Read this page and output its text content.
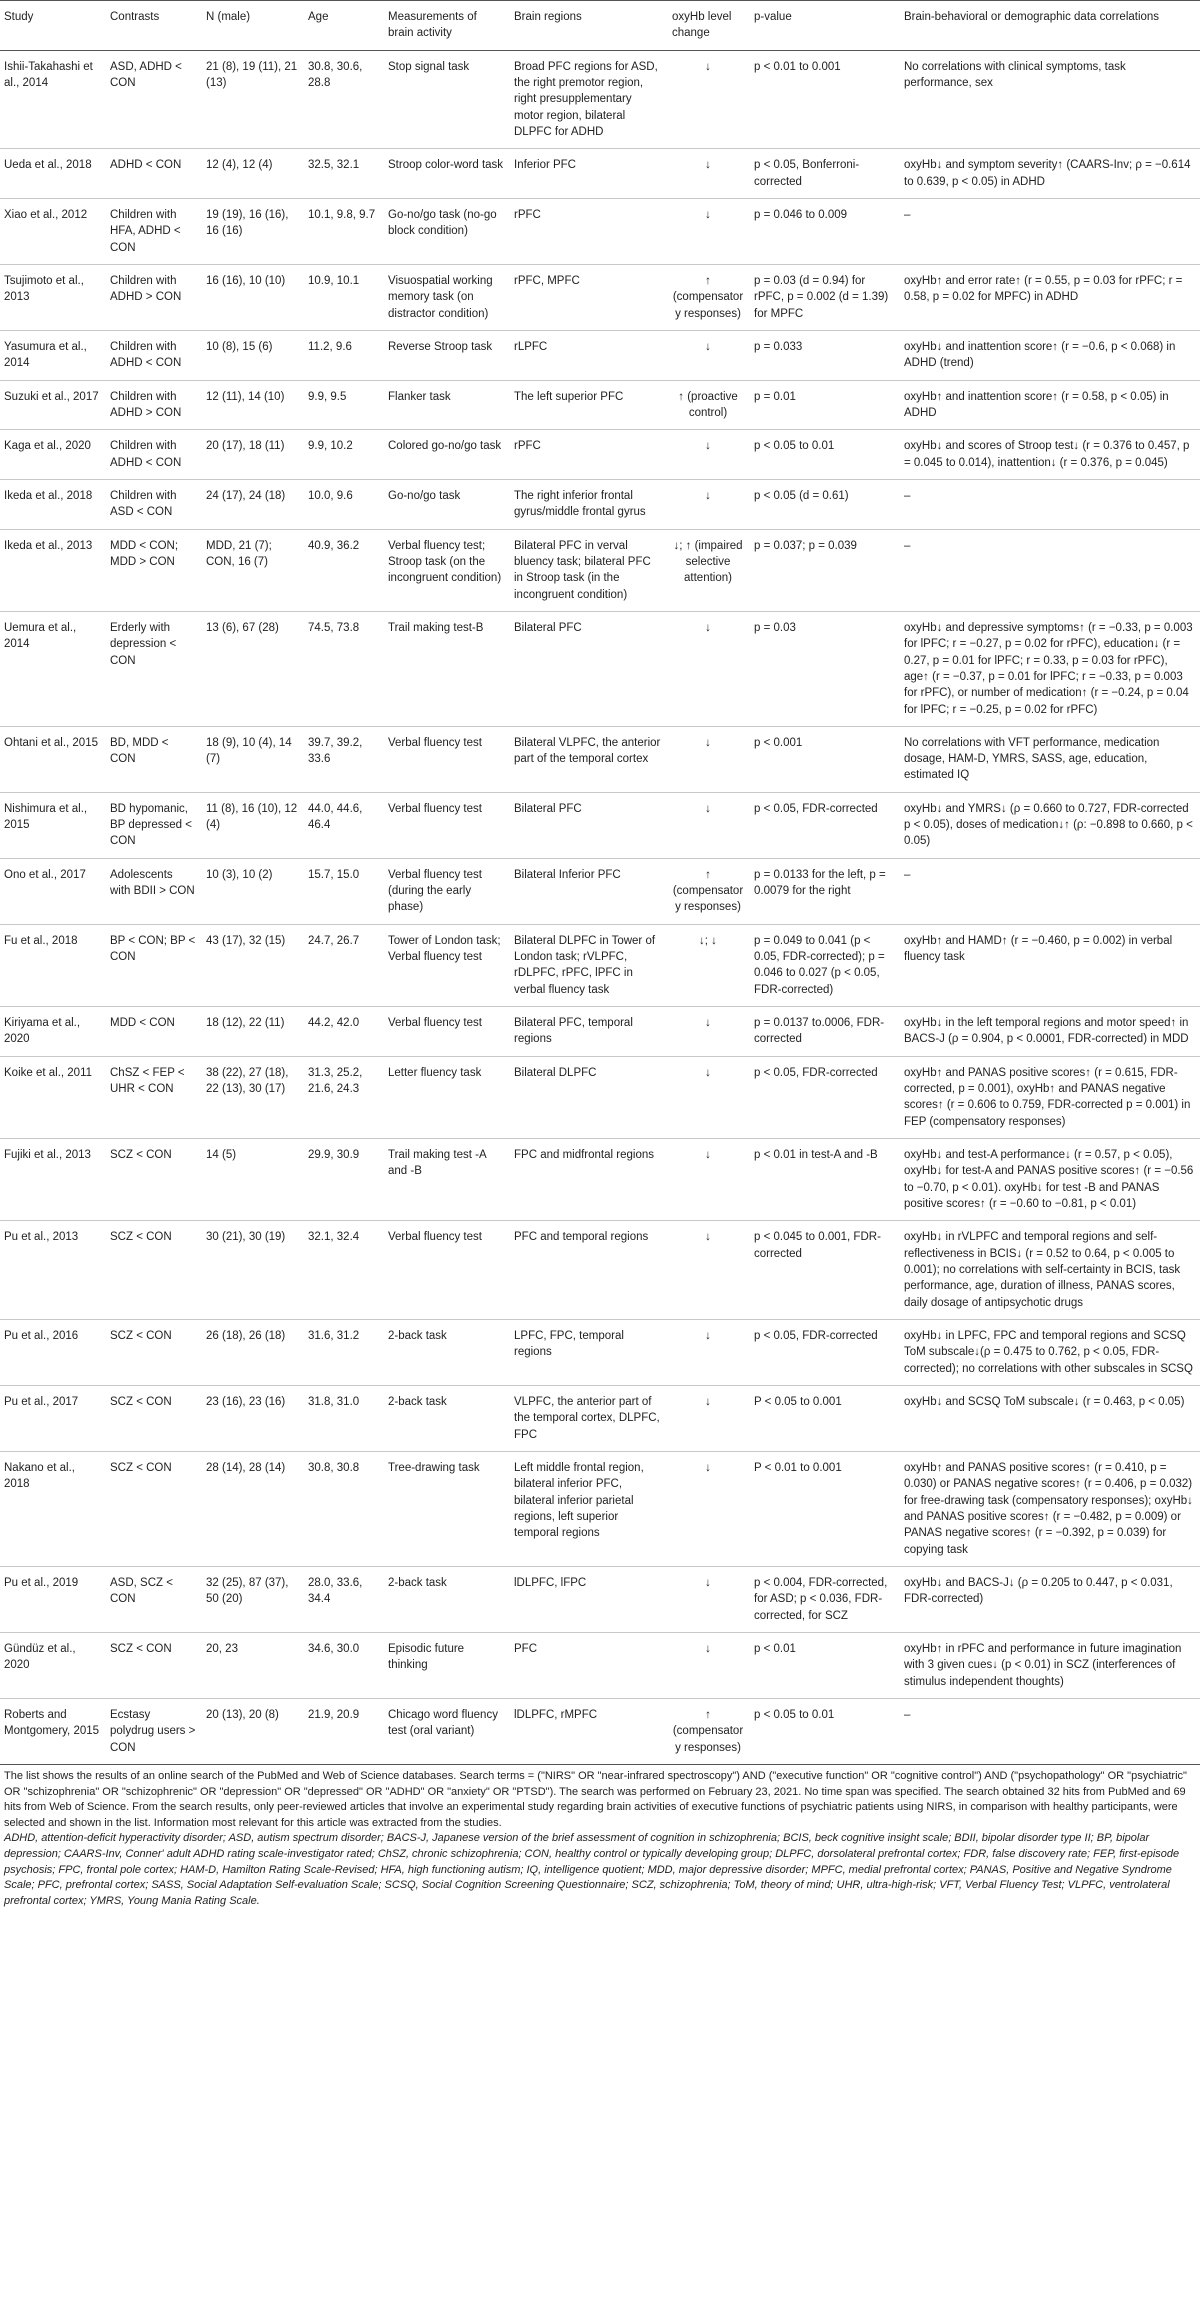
Study	Contrasts	N (male)	Age	Measurements of brain activity	Brain regions	oxyHb level change	p-value	Brain-behavioral or demographic data correlations
Ishii-Takahashi et al., 2014	ASD, ADHD < CON	21 (8), 19 (11), 21 (13)	30.8, 30.6, 28.8	Stop signal task	Broad PFC regions for ASD, the right premotor region, right presupplementary motor region, bilateral DLPFC for ADHD	↓	p < 0.01 to 0.001	No correlations with clinical symptoms, task performance, sex
Ueda et al., 2018	ADHD < CON	12 (4), 12 (4)	32.5, 32.1	Stroop color-word task	Inferior PFC	↓	p < 0.05, Bonferroni-corrected	oxyHb↓ and symptom severity↑ (CAARS-Inv; ρ = −0.614 to 0.639, p < 0.05) in ADHD
Xiao et al., 2012	Children with HFA, ADHD < CON	19 (19), 16 (16), 16 (16)	10.1, 9.8, 9.7	Go-no/go task (no-go block condition)	rPFC	↓	p = 0.046 to 0.009	–
Tsujimoto et al., 2013	Children with ADHD > CON	16 (16), 10 (10)	10.9, 10.1	Visuospatial working memory task (on distractor condition)	rPFC, MPFC	↑ (compensatory responses)	p = 0.03 (d = 0.94) for rPFC, p = 0.002 (d = 1.39) for MPFC	oxyHb↑ and error rate↑ (r = 0.55, p = 0.03 for rPFC; r = 0.58, p = 0.02 for MPFC) in ADHD
Yasumura et al., 2014	Children with ADHD < CON	10 (8), 15 (6)	11.2, 9.6	Reverse Stroop task	rLPFC	↓	p = 0.033	oxyHb↓ and inattention score↑ (r = −0.6, p < 0.068) in ADHD (trend)
Suzuki et al., 2017	Children with ADHD > CON	12 (11), 14 (10)	9.9, 9.5	Flanker task	The left superior PFC	↑ (proactive control)	p = 0.01	oxyHb↑ and inattention score↑ (r = 0.58, p < 0.05) in ADHD
Kaga et al., 2020	Children with ADHD < CON	20 (17), 18 (11)	9.9, 10.2	Colored go-no/go task	rPFC	↓	p < 0.05 to 0.01	oxyHb↓ and scores of Stroop test↓ (r = 0.376 to 0.457, p = 0.045 to 0.014), inattention↓ (r = 0.376, p = 0.045)
Ikeda et al., 2018	Children with ASD < CON	24 (17), 24 (18)	10.0, 9.6	Go-no/go task	The right inferior frontal gyrus/middle frontal gyrus	↓	p < 0.05 (d = 0.61)	–
Ikeda et al., 2013	MDD < CON; MDD > CON	MDD, 21 (7); CON, 16 (7)	40.9, 36.2	Verbal fluency test; Stroop task (on the incongruent condition)	Bilateral PFC in verval bluency task; bilateral PFC in Stroop task (in the incongruent condition)	↓; ↑ (impaired selective attention)	p = 0.037; p = 0.039	–
Uemura et al., 2014	Erderly with depression < CON	13 (6), 67 (28)	74.5, 73.8	Trail making test-B	Bilateral PFC	↓	p = 0.03	oxyHb↓ and depressive symptoms↑ (r = −0.33, p = 0.003 for lPFC; r = −0.27, p = 0.02 for rPFC), education↓ (r = 0.27, p = 0.01 for lPFC; r = 0.33, p = 0.03 for rPFC), age↑ (r = −0.37, p = 0.01 for lPFC; r = −0.33, p = 0.003 for rPFC), or number of medication↑ (r = −0.24, p = 0.04 for lPFC; r = −0.25, p = 0.02 for rPFC)
Ohtani et al., 2015	BD, MDD < CON	18 (9), 10 (4), 14 (7)	39.7, 39.2, 33.6	Verbal fluency test	Bilateral VLPFC, the anterior part of the temporal cortex	↓	p < 0.001	No correlations with VFT performance, medication dosage, HAM-D, YMRS, SASS, age, education, estimated IQ
Nishimura et al., 2015	BD hypomanic, BP depressed < CON	11 (8), 16 (10), 12 (4)	44.0, 44.6, 46.4	Verbal fluency test	Bilateral PFC	↓	p < 0.05, FDR-corrected	oxyHb↓ and YMRS↓ (ρ = 0.660 to 0.727, FDR-corrected p < 0.05), doses of medication↓↑ (ρ: −0.898 to 0.660, p < 0.05)
Ono et al., 2017	Adolescents with BDII > CON	10 (3), 10 (2)	15.7, 15.0	Verbal fluency test (during the early phase)	Bilateral Inferior PFC	↑ (compensatory responses)	p = 0.0133 for the left, p = 0.0079 for the right	–
Fu et al., 2018	BP < CON; BP < CON	43 (17), 32 (15)	24.7, 26.7	Tower of London task; Verbal fluency test	Bilateral DLPFC in Tower of London task; rVLPFC, rDLPFC, rPFC, lPFC in verbal fluency task	↓; ↓	p = 0.049 to 0.041 (p < 0.05, FDR-corrected); p = 0.046 to 0.027 (p < 0.05, FDR-corrected)	oxyHb↑ and HAMD↑ (r = −0.460, p = 0.002) in verbal fluency task
Kiriyama et al., 2020	MDD < CON	18 (12), 22 (11)	44.2, 42.0	Verbal fluency test	Bilateral PFC, temporal regions	↓	p = 0.0137 to.0006, FDR-corrected	oxyHb↓ in the left temporal regions and motor speed↑ in BACS-J (ρ = 0.904, p < 0.0001, FDR-corrected) in MDD
Koike et al., 2011	ChSZ < FEP < UHR < CON	38 (22), 27 (18), 22 (13), 30 (17)	31.3, 25.2, 21.6, 24.3	Letter fluency task	Bilateral DLPFC	↓	p < 0.05, FDR-corrected	oxyHb↑ and PANAS positive scores↑ (r = 0.615, FDR-corrected, p = 0.001), oxyHb↑ and PANAS negative scores↑ (r = 0.606 to 0.759, FDR-corrected p = 0.001) in FEP (compensatory responses)
Fujiki et al., 2013	SCZ < CON	14 (5)	29.9, 30.9	Trail making test -A and -B	FPC and midfrontal regions	↓	p < 0.01 in test-A and -B	oxyHb↓ and test-A performance↓ (r = 0.57, p < 0.05), oxyHb↓ for test-A and PANAS positive scores↑ (r = −0.56 to −0.70, p < 0.01). oxyHb↓ for test -B and PANAS positive scores↑ (r = −0.60 to −0.81, p < 0.01)
Pu et al., 2013	SCZ < CON	30 (21), 30 (19)	32.1, 32.4	Verbal fluency test	PFC and temporal regions	↓	p < 0.045 to 0.001, FDR-corrected	oxyHb↓ in rVLPFC and temporal regions and self-reflectiveness in BCIS↓ (r = 0.52 to 0.64, p < 0.005 to 0.001); no correlations with self-certainty in BCIS, task performance, age, duration of illness, PANAS scores, daily dosage of antipsychotic drugs
Pu et al., 2016	SCZ < CON	26 (18), 26 (18)	31.6, 31.2	2-back task	LPFC, FPC, temporal regions	↓	p < 0.05, FDR-corrected	oxyHb↓ in LPFC, FPC and temporal regions and SCSQ ToM subscale↓(ρ = 0.475 to 0.762, p < 0.05, FDR-corrected); no correlations with other subscales in SCSQ
Pu et al., 2017	SCZ < CON	23 (16), 23 (16)	31.8, 31.0	2-back task	VLPFC, the anterior part of the temporal cortex, DLPFC, FPC	↓	P < 0.05 to 0.001	oxyHb↓ and SCSQ ToM subscale↓ (r = 0.463, p < 0.05)
Nakano et al., 2018	SCZ < CON	28 (14), 28 (14)	30.8, 30.8	Tree-drawing task	Left middle frontal region, bilateral inferior PFC, bilateral inferior parietal regions, left superior temporal regions	↓	P < 0.01 to 0.001	oxyHb↑ and PANAS positive scores↑ (r = 0.410, p = 0.030) or PANAS negative scores↑ (r = 0.406, p = 0.032) for free-drawing task (compensatory responses); oxyHb↓ and PANAS positive scores↑ (r = −0.482, p = 0.009) or PANAS negative scores↑ (r = −0.392, p = 0.039) for copying task
Pu et al., 2019	ASD, SCZ < CON	32 (25), 87 (37), 50 (20)	28.0, 33.6, 34.4	2-back task	lDLPFC, lFPC	↓	p < 0.004, FDR-corrected, for ASD; p < 0.036, FDR-corrected, for SCZ	oxyHb↓ and BACS-J↓ (ρ = 0.205 to 0.447, p < 0.031, FDR-corrected)
Gündüz et al., 2020	SCZ < CON	20, 23	34.6, 30.0	Episodic future thinking	PFC	↓	p < 0.01	oxyHb↑ in rPFC and performance in future imagination with 3 given cues↓ (p < 0.01) in SCZ (interferences of stimulus independent thoughts)
Roberts and Montgomery, 2015	Ecstasy polydrug users > CON	20 (13), 20 (8)	21.9, 20.9	Chicago word fluency test (oral variant)	lDLPFC, rMPFC	↑ (compensatory responses)	p < 0.05 to 0.01	–

The list shows the results of an online search of the PubMed and Web of Science databases. Search terms = ("NIRS" OR "near-infrared spectroscopy") AND ("executive function" OR "cognitive control") AND ("psychopathology" OR "psychiatric" OR "schizophrenia" OR "schizophrenic" OR "depression" OR "depressed" OR "ADHD" OR "anxiety" OR "PTSD"). The search was performed on February 23, 2021. No time span was specified. The search obtained 32 hits from PubMed and 69 hits from Web of Science. From the search results, only peer-reviewed articles that involve an experimental study regarding brain activities of executive functions of psychiatric patients using NIRS, in comparison with healthy participants, were selected and shown in the list. Information most relevant for this article was extracted from the studies.

ADHD, attention-deficit hyperactivity disorder; ASD, autism spectrum disorder; BACS-J, Japanese version of the brief assessment of cognition in schizophrenia; BCIS, beck cognitive insight scale; BDII, bipolar disorder type II; BP, bipolar depression; CAARS-Inv, Conner' adult ADHD rating scale-investigator rated; ChSZ, chronic schizophrenia; CON, healthy control or typically developing group; DLPFC, dorsolateral prefrontal cortex; FDR, false discovery rate; FEP, first-episode psychosis; FPC, frontal pole cortex; HAM-D, Hamilton Rating Scale-Revised; HFA, high functioning autism; IQ, intelligence quotient; MDD, major depressive disorder; MPFC, medial prefrontal cortex; PANAS, Positive and Negative Syndrome Scale; PFC, prefrontal cortex; SASS, Social Adaptation Self-evaluation Scale; SCSQ, Social Cognition Screening Questionnaire; SCZ, schizophrenia; ToM, theory of mind; UHR, ultra-high-risk; VFT, Verbal Fluency Test; VLPFC, ventrolateral prefrontal cortex; YMRS, Young Mania Rating Scale.
